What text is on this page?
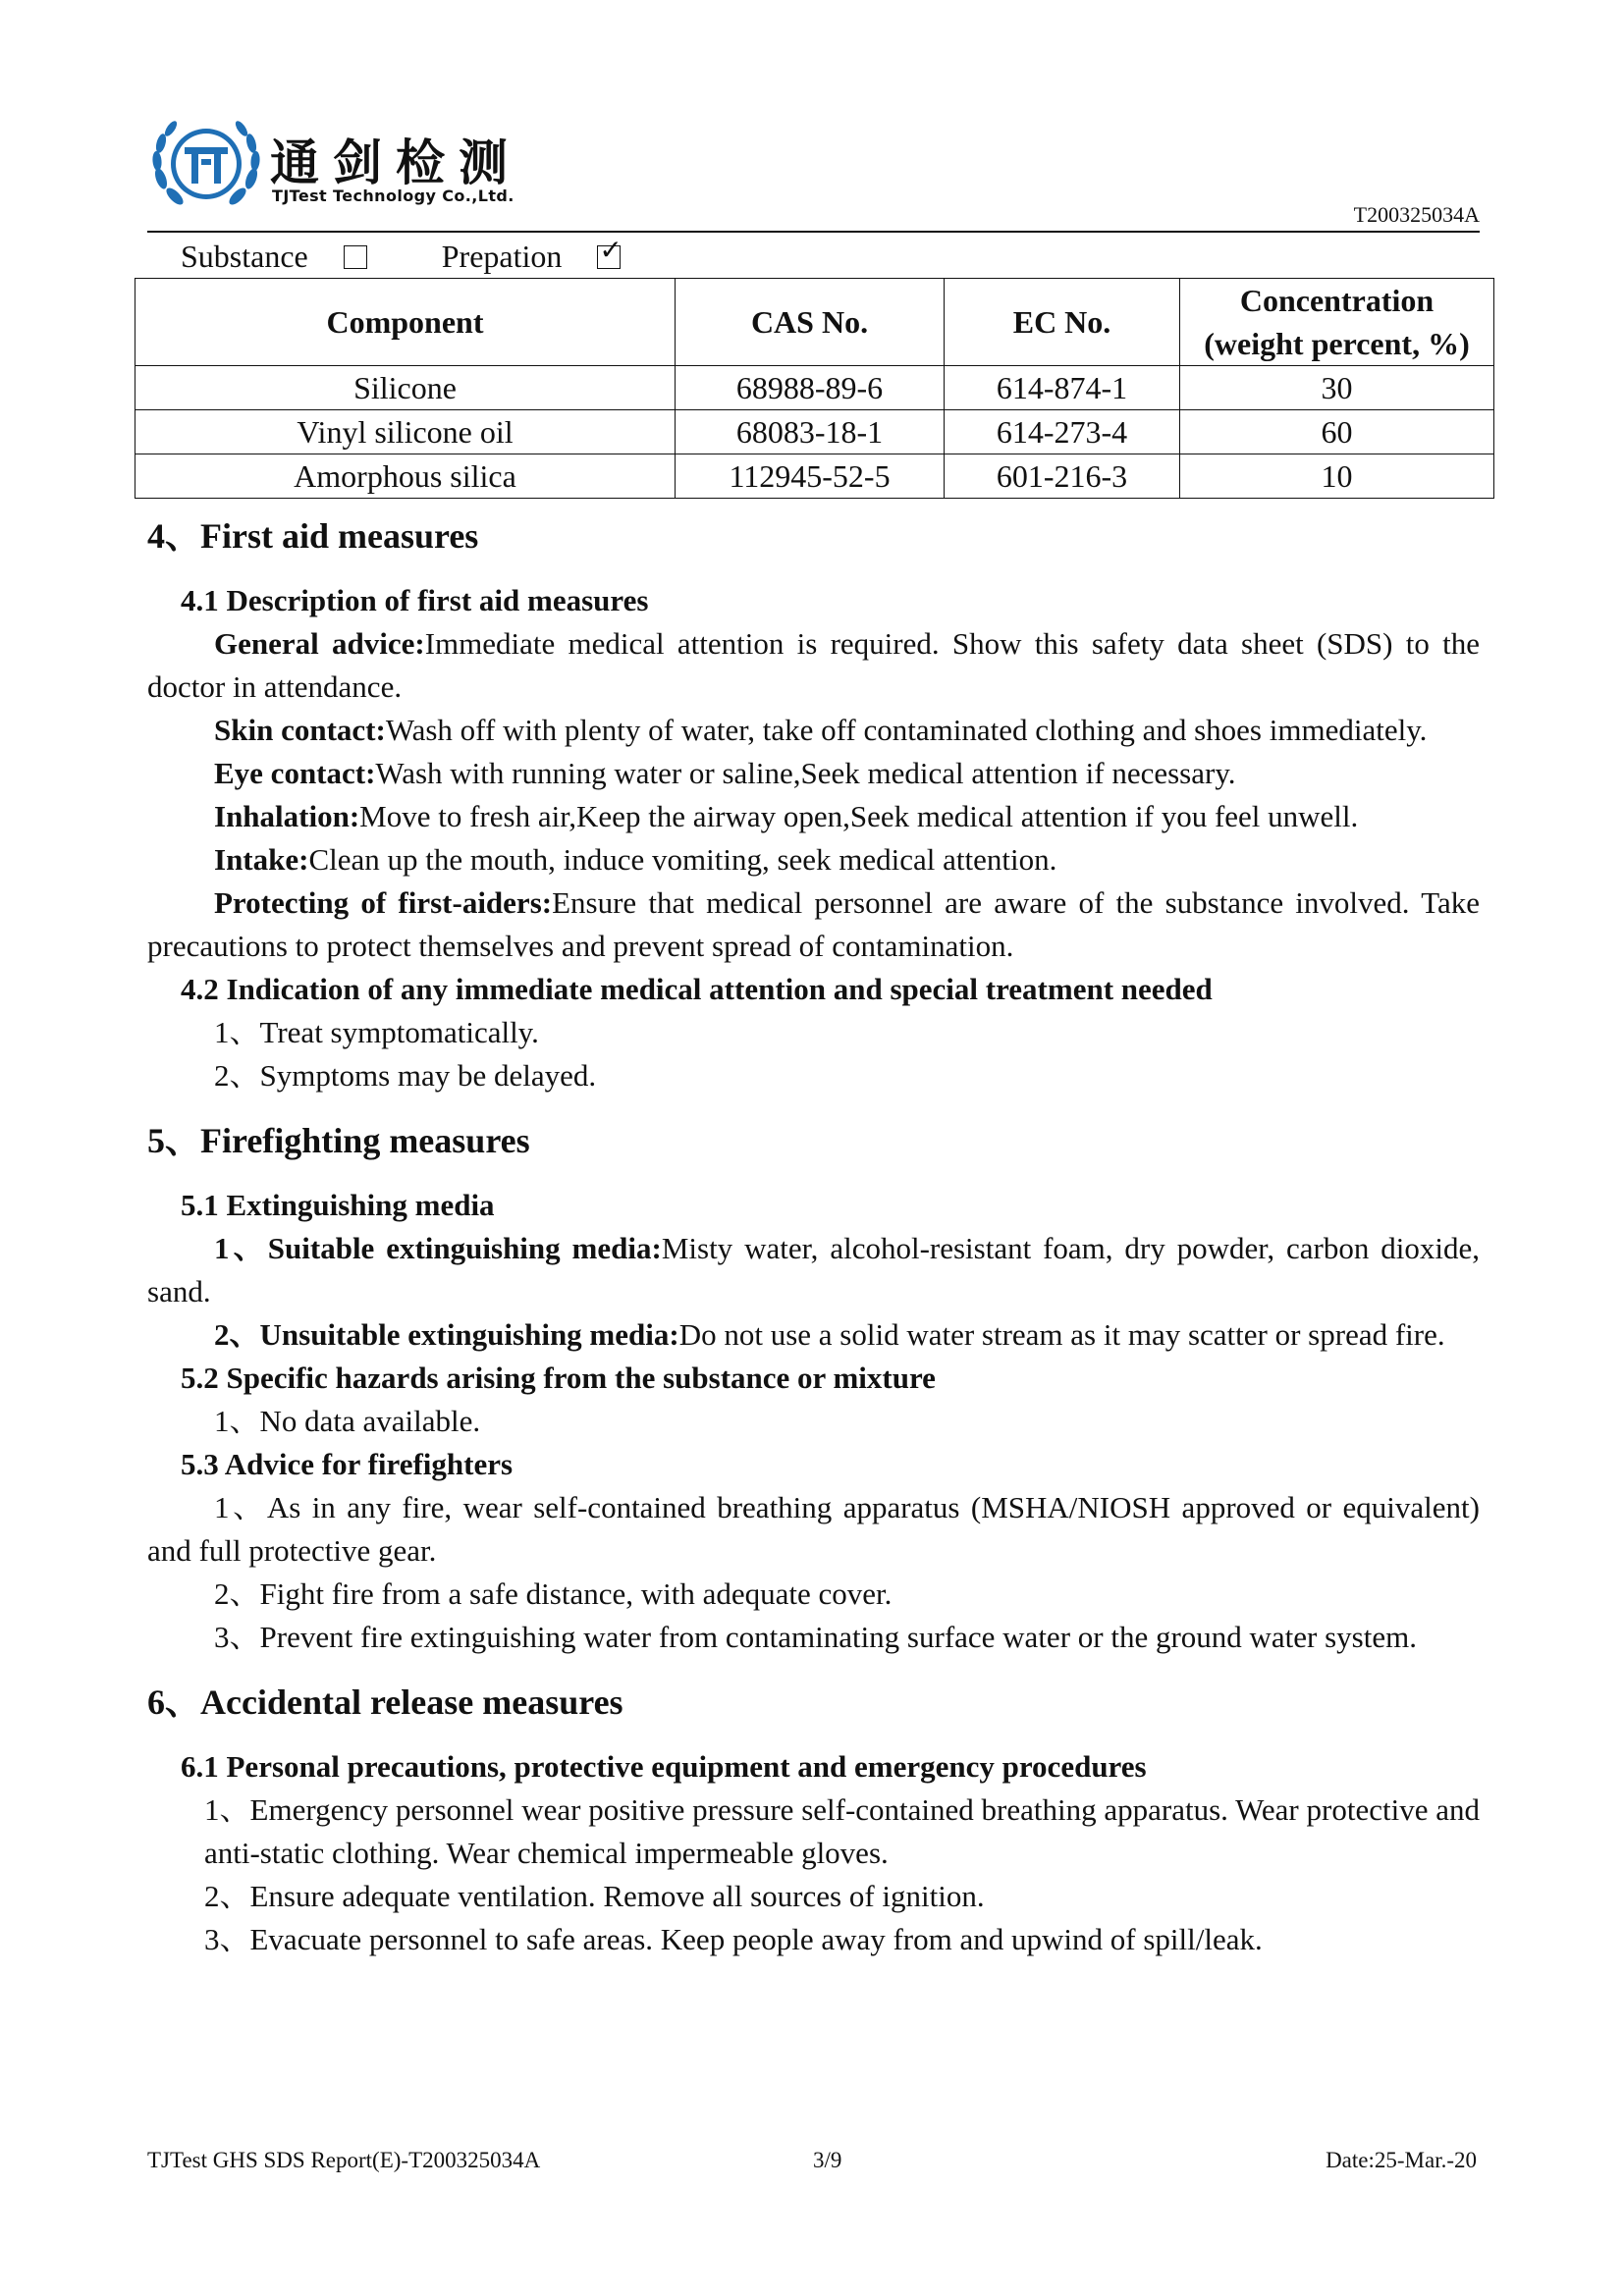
通剑检测
TJTest Technology Co.,Ltd.
T200325034A
Substance	Prepation ✓
Component	CAS No.	EC No.	Concentration
(weight percent, %)
Silicone	68988-89-6	614-874-1	30
Vinyl silicone oil	68083-18-1	614-273-4	60
Amorphous silica	112945-52-5	601-216-3	10
4、First aid measures
4.1 Description of first aid measures

General advice:Immediate medical attention is required. Show this safety data sheet (SDS) to the doctor in attendance.

Skin contact:Wash off with plenty of water, take off contaminated clothing and shoes immediately.

Eye contact:Wash with running water or saline,Seek medical attention if necessary.

Inhalation:Move to fresh air,Keep the airway open,Seek medical attention if you feel unwell.

Intake:Clean up the mouth, induce vomiting, seek medical attention.

Protecting of first-aiders:Ensure that medical personnel are aware of the substance involved. Take precautions to protect themselves and prevent spread of contamination.

4.2 Indication of any immediate medical attention and special treatment needed

1、Treat symptomatically.

2、Symptoms may be delayed.

5、Firefighting measures
5.1 Extinguishing media

1、Suitable extinguishing media:Misty water, alcohol-resistant foam, dry powder, carbon dioxide, sand.

2、Unsuitable extinguishing media:Do not use a solid water stream as it may scatter or spread fire.

5.2 Specific hazards arising from the substance or mixture

1、No data available.

5.3 Advice for firefighters

1、As in any fire, wear self-contained breathing apparatus (MSHA/NIOSH approved or equivalent) and full protective gear.

2、Fight fire from a safe distance, with adequate cover.

3、Prevent fire extinguishing water from contaminating surface water or the ground water system.

6、Accidental release measures
6.1 Personal precautions, protective equipment and emergency procedures

1、Emergency personnel wear positive pressure self-contained breathing apparatus. Wear protective and anti-static clothing. Wear chemical impermeable gloves.

2、Ensure adequate ventilation. Remove all sources of ignition.

3、Evacuate personnel to safe areas. Keep people away from and upwind of spill/leak.

TJTest GHS SDS Report(E)-T200325034A	3/9	Date:25-Mar.-20
